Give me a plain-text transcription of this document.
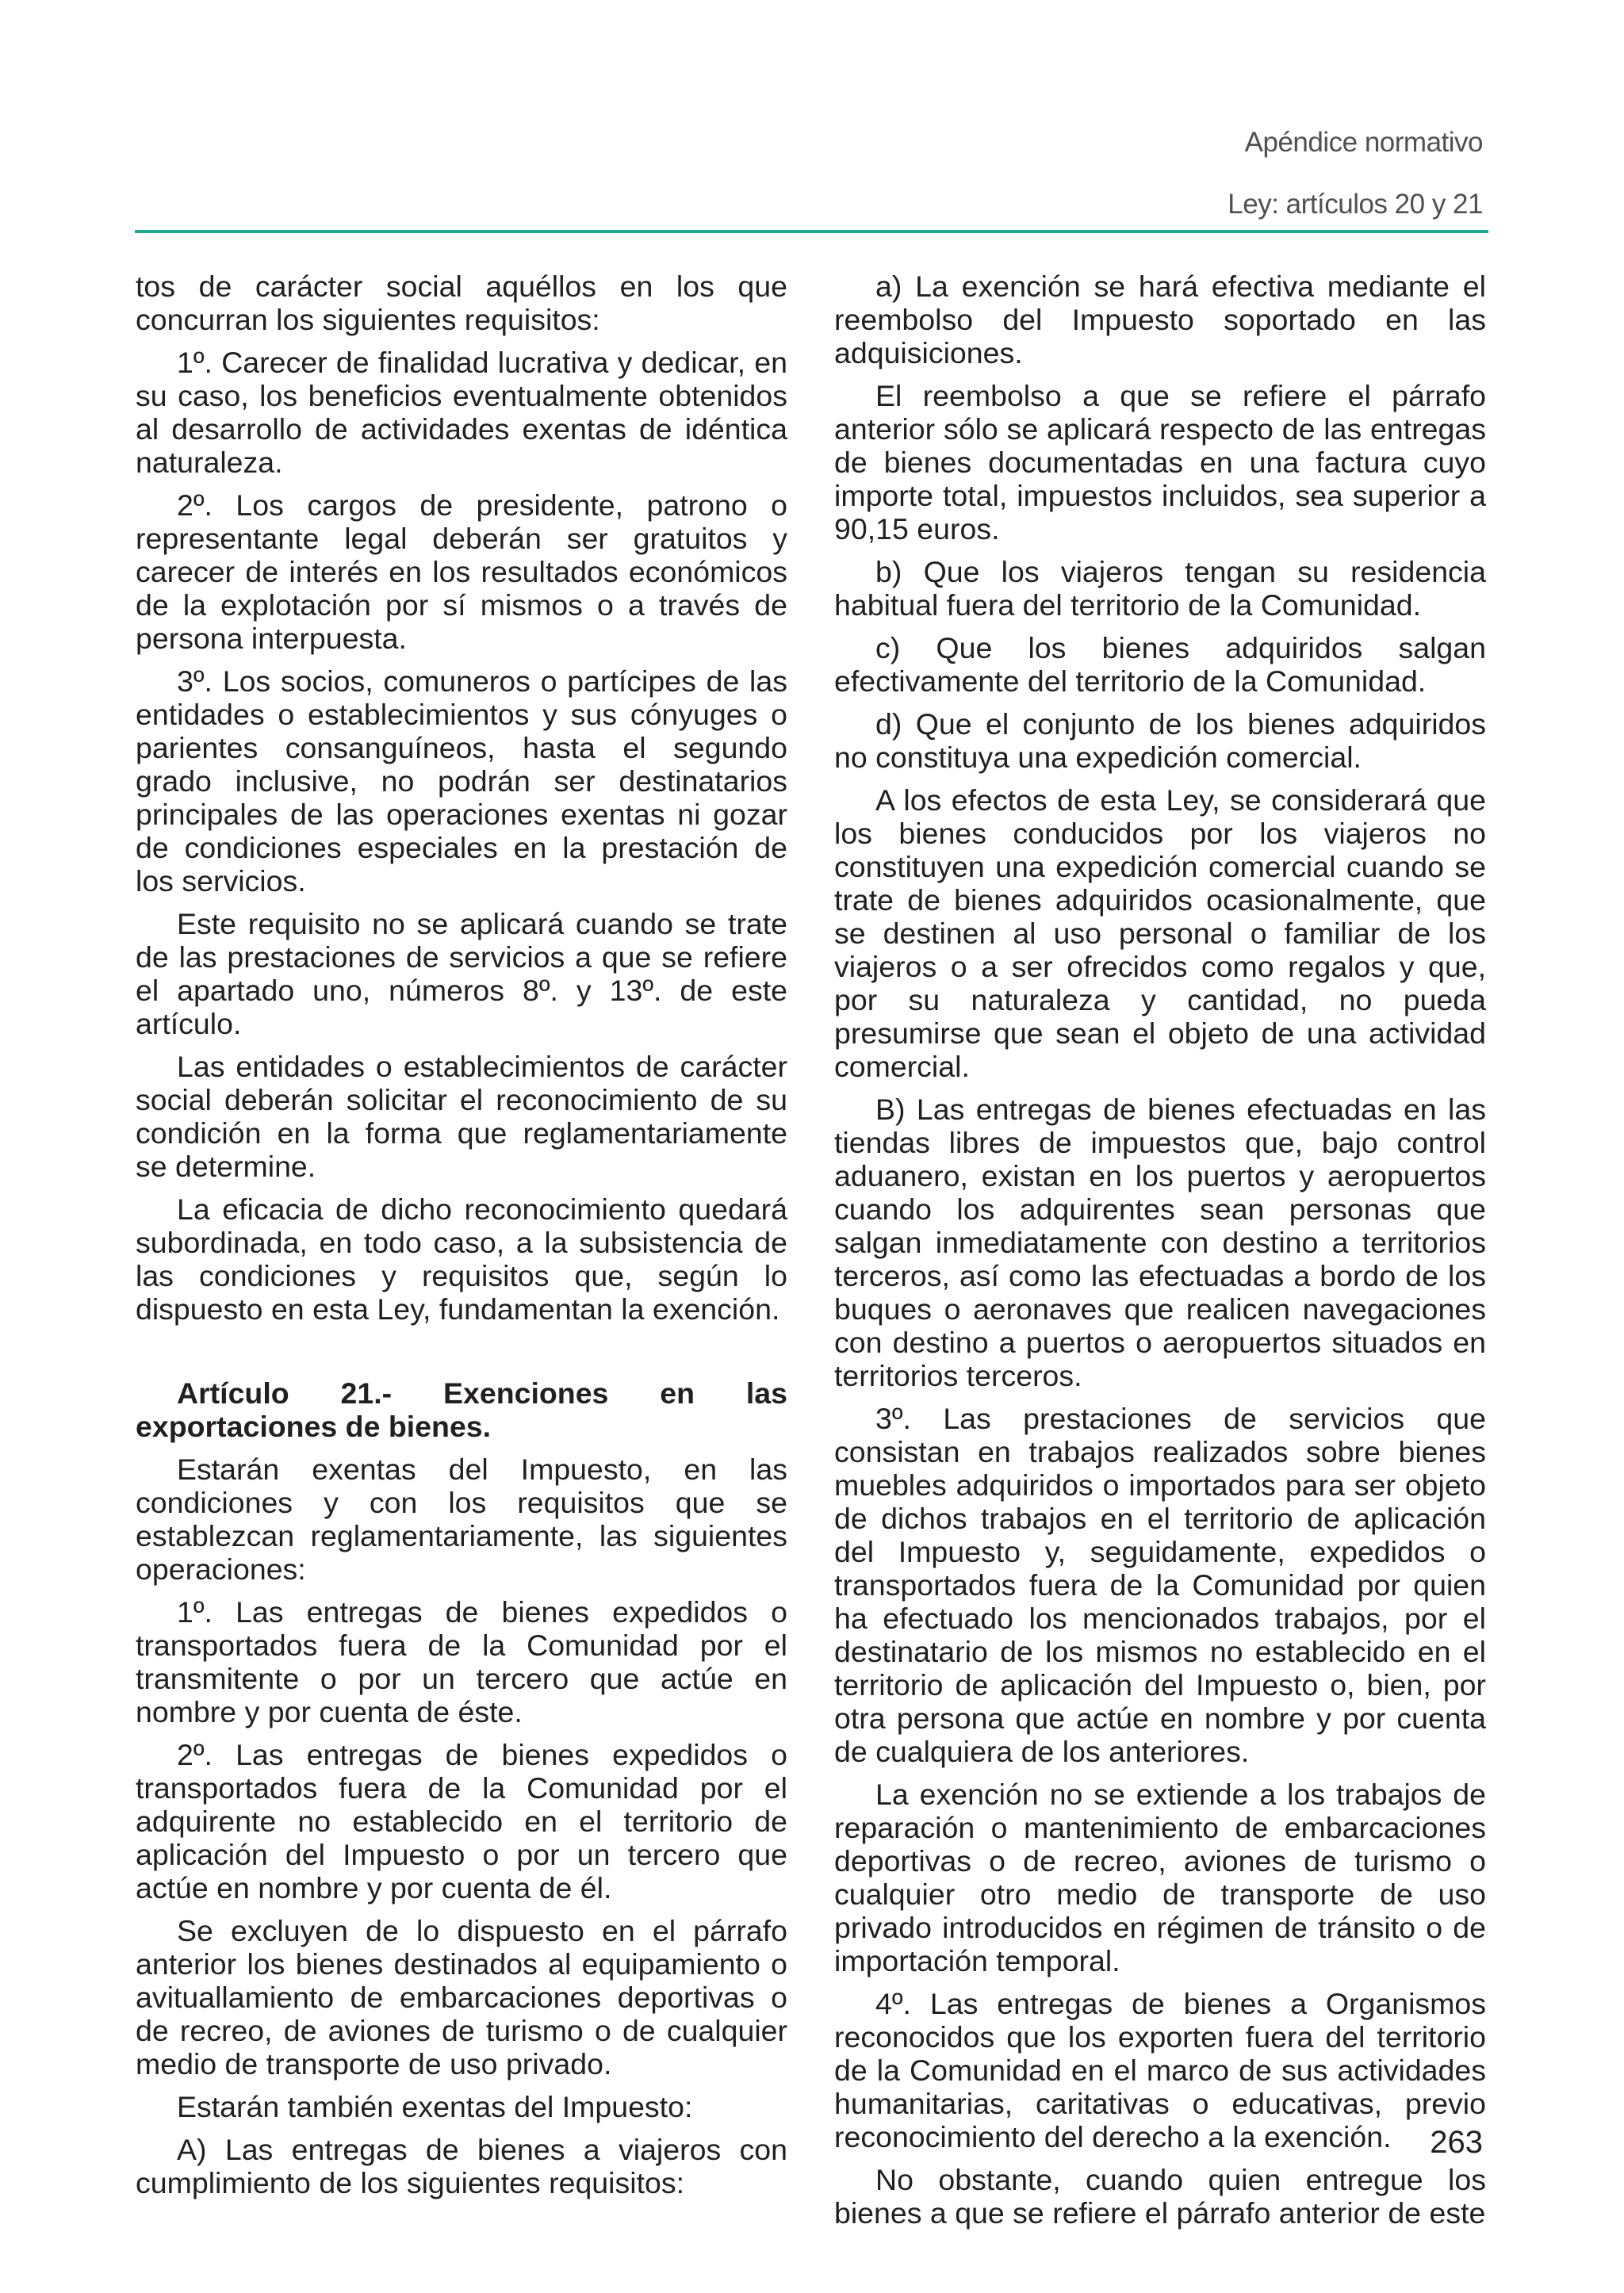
Apéndice normativo
Ley: artículos 20 y 21

tos de carácter social aquéllos en los que concurran los siguientes requisitos:

1º. Carecer de finalidad lucrativa y dedicar, en su caso, los beneficios eventualmente obtenidos al desarrollo de actividades exentas de idéntica naturaleza.

2º. Los cargos de presidente, patrono o representante legal deberán ser gratuitos y carecer de interés en los resultados económicos de la explotación por sí mismos o a través de persona interpuesta.

3º. Los socios, comuneros o partícipes de las entidades o establecimientos y sus cónyuges o parientes consanguíneos, hasta el segundo grado inclusive, no podrán ser destinatarios principales de las operaciones exentas ni gozar de condiciones especiales en la prestación de los servicios.

Este requisito no se aplicará cuando se trate de las prestaciones de servicios a que se refiere el apartado uno, números 8º. y 13º. de este artículo.

Las entidades o establecimientos de carácter social deberán solicitar el reconocimiento de su condición en la forma que reglamentariamente se determine.

La eficacia de dicho reconocimiento quedará subordinada, en todo caso, a la subsistencia de las condiciones y requisitos que, según lo dispuesto en esta Ley, fundamentan la exención.

Artículo 21.- Exenciones en las exportaciones de bienes.

Estarán exentas del Impuesto, en las condiciones y con los requisitos que se establezcan reglamentariamente, las siguientes operaciones:

1º. Las entregas de bienes expedidos o transportados fuera de la Comunidad por el transmitente o por un tercero que actúe en nombre y por cuenta de éste.

2º. Las entregas de bienes expedidos o transportados fuera de la Comunidad por el adquirente no establecido en el territorio de aplicación del Impuesto o por un tercero que actúe en nombre y por cuenta de él.

Se excluyen de lo dispuesto en el párrafo anterior los bienes destinados al equipamiento o avituallamiento de embarcaciones deportivas o de recreo, de aviones de turismo o de cualquier medio de transporte de uso privado.

Estarán también exentas del Impuesto:

A) Las entregas de bienes a viajeros con cumplimiento de los siguientes requisitos:

a) La exención se hará efectiva mediante el reembolso del Impuesto soportado en las adquisiciones.

El reembolso a que se refiere el párrafo anterior sólo se aplicará respecto de las entregas de bienes documentadas en una factura cuyo importe total, impuestos incluidos, sea superior a 90,15 euros.

b) Que los viajeros tengan su residencia habitual fuera del territorio de la Comunidad.

c) Que los bienes adquiridos salgan efectivamente del territorio de la Comunidad.

d) Que el conjunto de los bienes adquiridos no constituya una expedición comercial.

A los efectos de esta Ley, se considerará que los bienes conducidos por los viajeros no constituyen una expedición comercial cuando se trate de bienes adquiridos ocasionalmente, que se destinen al uso personal o familiar de los viajeros o a ser ofrecidos como regalos y que, por su naturaleza y cantidad, no pueda presumirse que sean el objeto de una actividad comercial.

B) Las entregas de bienes efectuadas en las tiendas libres de impuestos que, bajo control aduanero, existan en los puertos y aeropuertos cuando los adquirentes sean personas que salgan inmediatamente con destino a territorios terceros, así como las efectuadas a bordo de los buques o aeronaves que realicen navegaciones con destino a puertos o aeropuertos situados en territorios terceros.

3º. Las prestaciones de servicios que consistan en trabajos realizados sobre bienes muebles adquiridos o importados para ser objeto de dichos trabajos en el territorio de aplicación del Impuesto y, seguidamente, expedidos o transportados fuera de la Comunidad por quien ha efectuado los mencionados trabajos, por el destinatario de los mismos no establecido en el territorio de aplicación del Impuesto o, bien, por otra persona que actúe en nombre y por cuenta de cualquiera de los anteriores.

La exención no se extiende a los trabajos de reparación o mantenimiento de embarcaciones deportivas o de recreo, aviones de turismo o cualquier otro medio de transporte de uso privado introducidos en régimen de tránsito o de importación temporal.

4º. Las entregas de bienes a Organismos reconocidos que los exporten fuera del territorio de la Comunidad en el marco de sus actividades humanitarias, caritativas o educativas, previo reconocimiento del derecho a la exención.

No obstante, cuando quien entregue los bienes a que se refiere el párrafo anterior de este

263
